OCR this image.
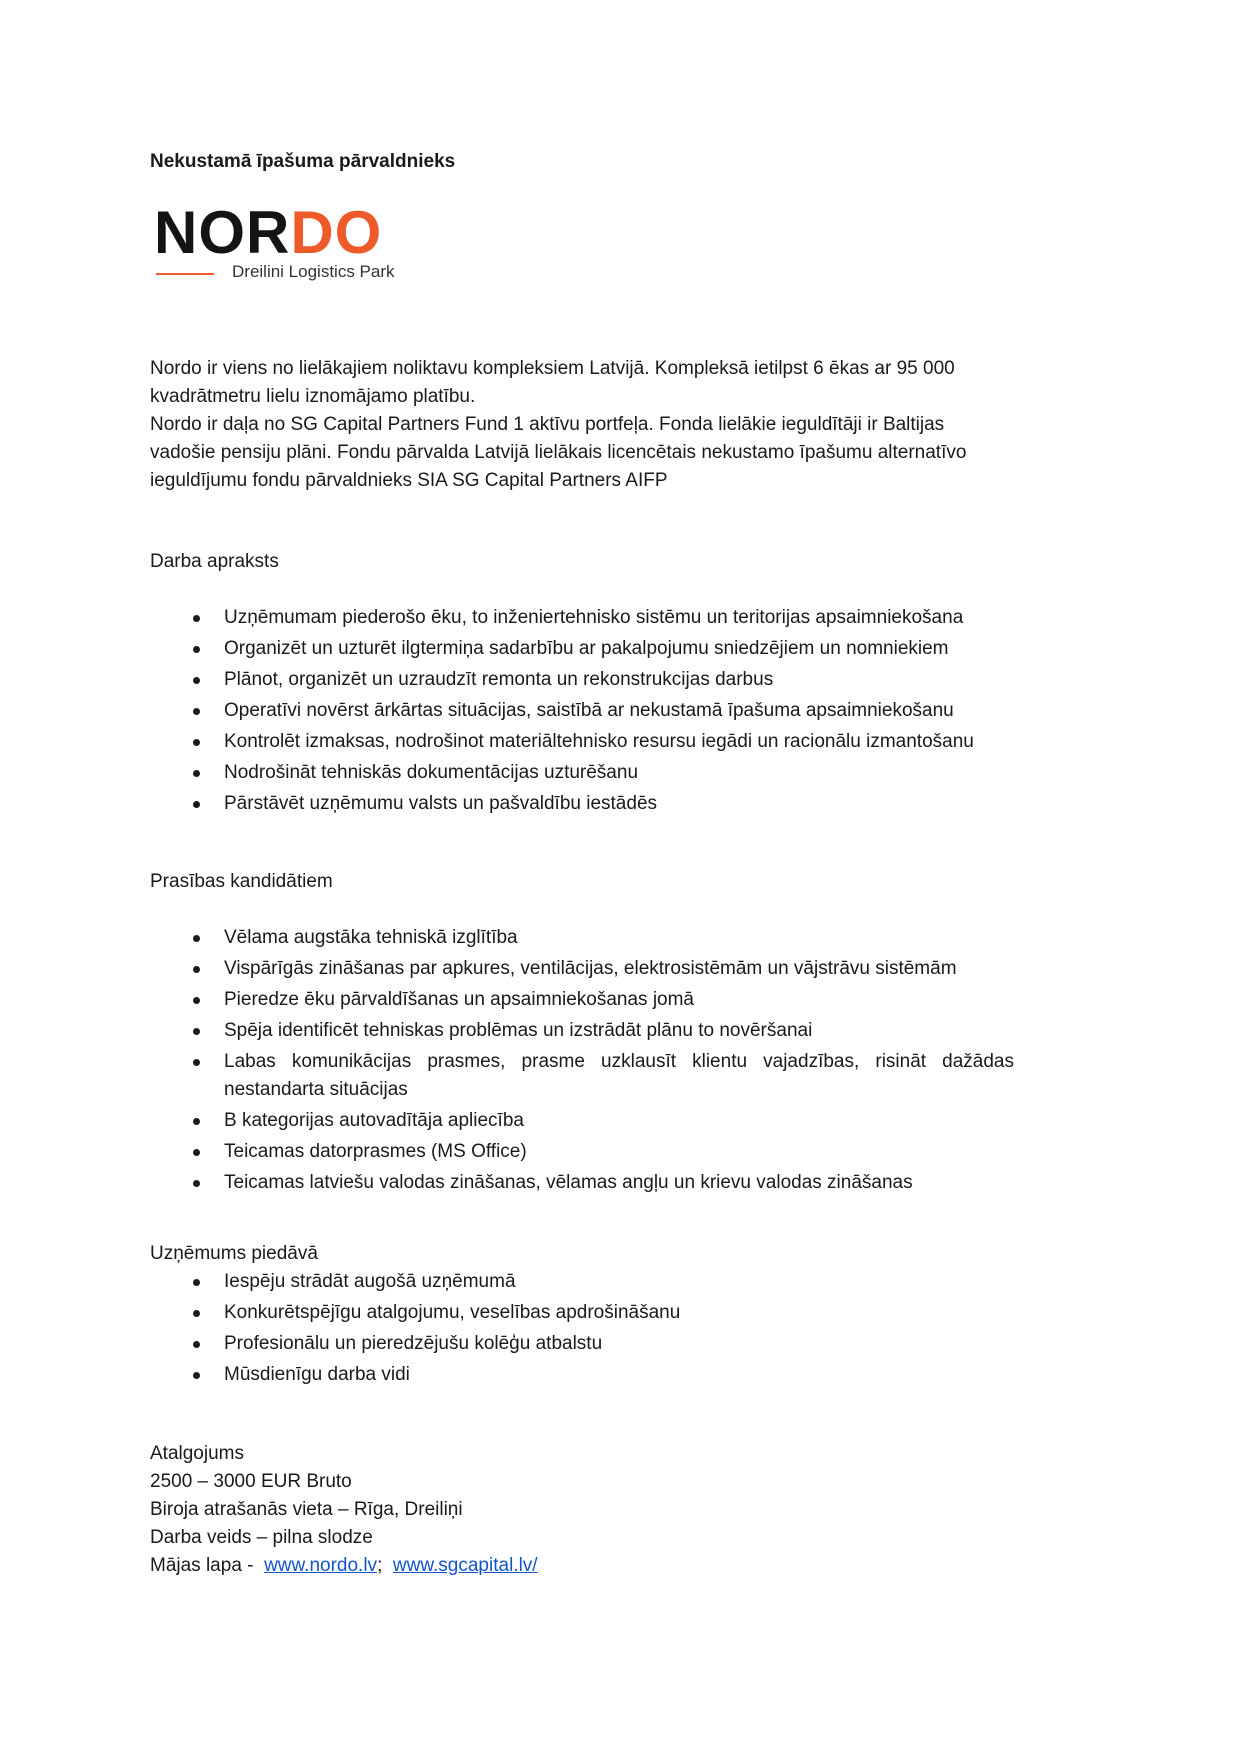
Nekustamā īpašuma pārvaldnieks
NORDO
Dreilini Logistics Park

Nordo ir viens no lielākajiem noliktavu kompleksiem Latvijā. Kompleksā ietilpst 6 ēkas ar 95 000

kvadrātmetru lielu iznomājamo platību.

Nordo ir daļa no SG Capital Partners Fund 1 aktīvu portfeļa. Fonda lielākie ieguldītāji ir Baltijas

vadošie pensiju plāni. Fondu pārvalda Latvijā lielākais licencētais nekustamo īpašumu alternatīvo

ieguldījumu fondu pārvaldnieks SIA SG Capital Partners AIFP

Darba apraksts
Uzņēmumam piederošo ēku, to inženiertehnisko sistēmu un teritorijas apsaimniekošana
Organizēt un uzturēt ilgtermiņa sadarbību ar pakalpojumu sniedzējiem un nomniekiem
Plānot, organizēt un uzraudzīt remonta un rekonstrukcijas darbus
Operatīvi novērst ārkārtas situācijas, saistībā ar nekustamā īpašuma apsaimniekošanu
Kontrolēt izmaksas, nodrošinot materiāltehnisko resursu iegādi un racionālu izmantošanu
Nodrošināt tehniskās dokumentācijas uzturēšanu
Pārstāvēt uzņēmumu valsts un pašvaldību iestādēs
Prasības kandidātiem
Vēlama augstāka tehniskā izglītība
Vispārīgās zināšanas par apkures, ventilācijas, elektrosistēmām un vājstrāvu sistēmām
Pieredze ēku pārvaldīšanas un apsaimniekošanas jomā
Spēja identificēt tehniskas problēmas un izstrādāt plānu to novēršanai
Labas komunikācijas prasmes, prasme uzklausīt klientu vajadzības, risināt dažādas nestandarta situācijas
B kategorijas autovadītāja apliecība
Teicamas datorprasmes (MS Office)
Teicamas latviešu valodas zināšanas, vēlamas angļu un krievu valodas zināšanas
Uzņēmums piedāvā
Iespēju strādāt augošā uzņēmumā
Konkurētspējīgu atalgojumu, veselības apdrošināšanu
Profesionālu un pieredzējušu kolēģu atbalstu
Mūsdienīgu darba vidi

Atalgojums

2500 – 3000 EUR Bruto

Biroja atrašanās vieta – Rīga, Dreiliņi

Darba veids – pilna slodze

Mājas lapa - www.nordo.lv; www.sgcapital.lv/
